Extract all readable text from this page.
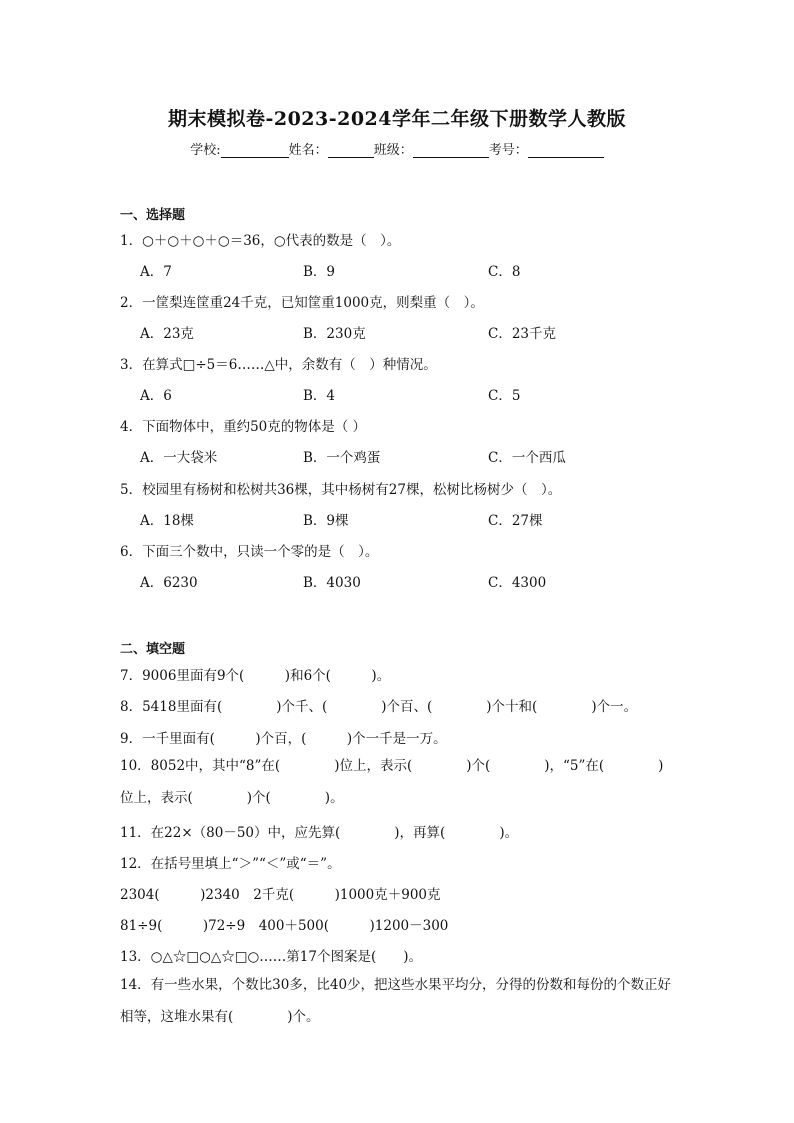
期末模拟卷-2023-2024学年二年级下册数学人教版
学校:	姓名：	班级：	考号：
一、选择题
1．○＋○＋○＋○＝36，○代表的数是（　）。
A．7	B．9	C．8
2．一筐梨连筐重24千克，已知筐重1000克，则梨重（　）。
A．23克	B．230克	C．23千克
3．在算式□÷5＝6……△中，余数有（　）种情况。
A．6	B．4	C．5
4．下面物体中，重约50克的物体是（ ）
A．一大袋米	B．一个鸡蛋	C．一个西瓜
5．校园里有杨树和松树共36棵，其中杨树有27棵，松树比杨树少（　）。
A．18棵	B．9棵	C．27棵
6．下面三个数中，只读一个零的是（　）。
A．6230	B．4030	C．4300
二、填空题
7．9006里面有9个(　　　)和6个(　　　)。
8．5418里面有(　　　　)个千、(　　　　)个百、(　　　　)个十和(　　　　)个一。
9．一千里面有(　　　)个百，(　　　)个一千是一万。
10．8052中，其中“8”在(　　　　)位上，表示(　　　　)个(　　　　)，“5”在(　　　　)位上，表示(　　　　)个(　　　　)。
11．在22×（80－50）中，应先算(　　　　)，再算(　　　　)。
12．在括号里填上“＞”“＜”或“＝”。
2304(　　　)2340　2千克(　　　)1000克＋900克
81÷9(　　　)72÷9　400＋500(　　　)1200－300
13．○△☆□○△☆□○……第17个图案是(　　)。
14．有一些水果，个数比30多，比40少，把这些水果平均分，分得的份数和每份的个数正好相等，这堆水果有(　　　　)个。
